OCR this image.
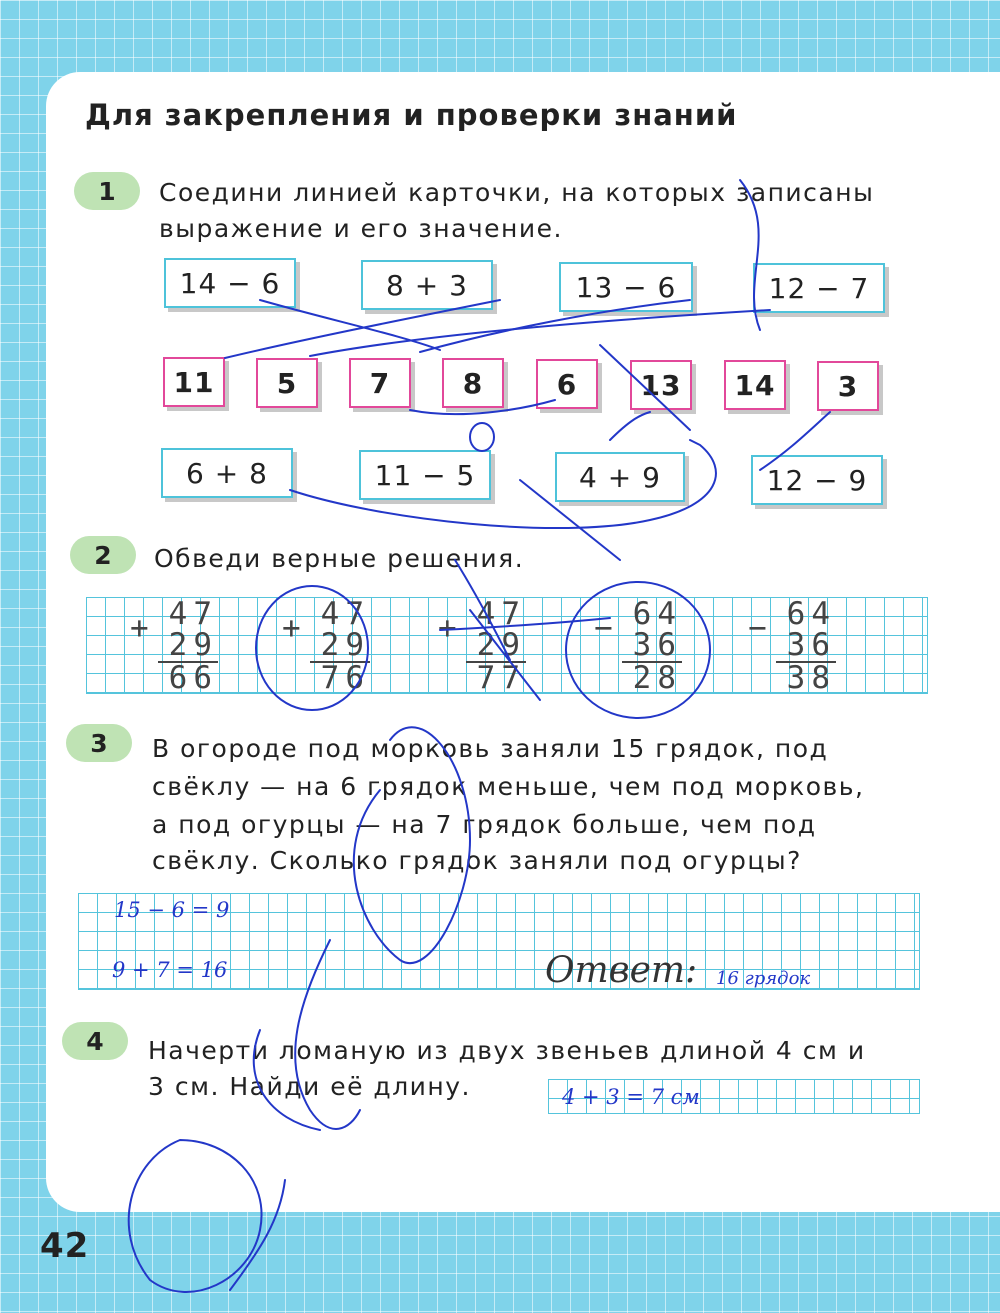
Для закрепления и проверки знаний
1	Соедини линией карточки, на которых записаны
выражение и его значение.
14 − 6	8 + 3	13 − 6	12 − 7
11	5	7	8	6	13	14	3
6 + 8	11 − 5	4 + 9	12 − 9
2	Обведи верные решения.
+ 47
29
66
+ 47
29
76
+ 47
29
77
− 64
36
28
− 64
36
38
3	В огороде под морковь заняли 15 грядок, под
свёклу — на 6 грядок меньше, чем под морковь,
а под огурцы — на 7 грядок больше, чем под
свёклу. Сколько грядок заняли под огурцы?
15 − 6 = 9
9 + 7 = 16	Ответ: 16 грядок
4	Начерти ломаную из двух звеньев длиной 4 см и
3 см. Найди её длину.	4 + 3 = 7 см
42
